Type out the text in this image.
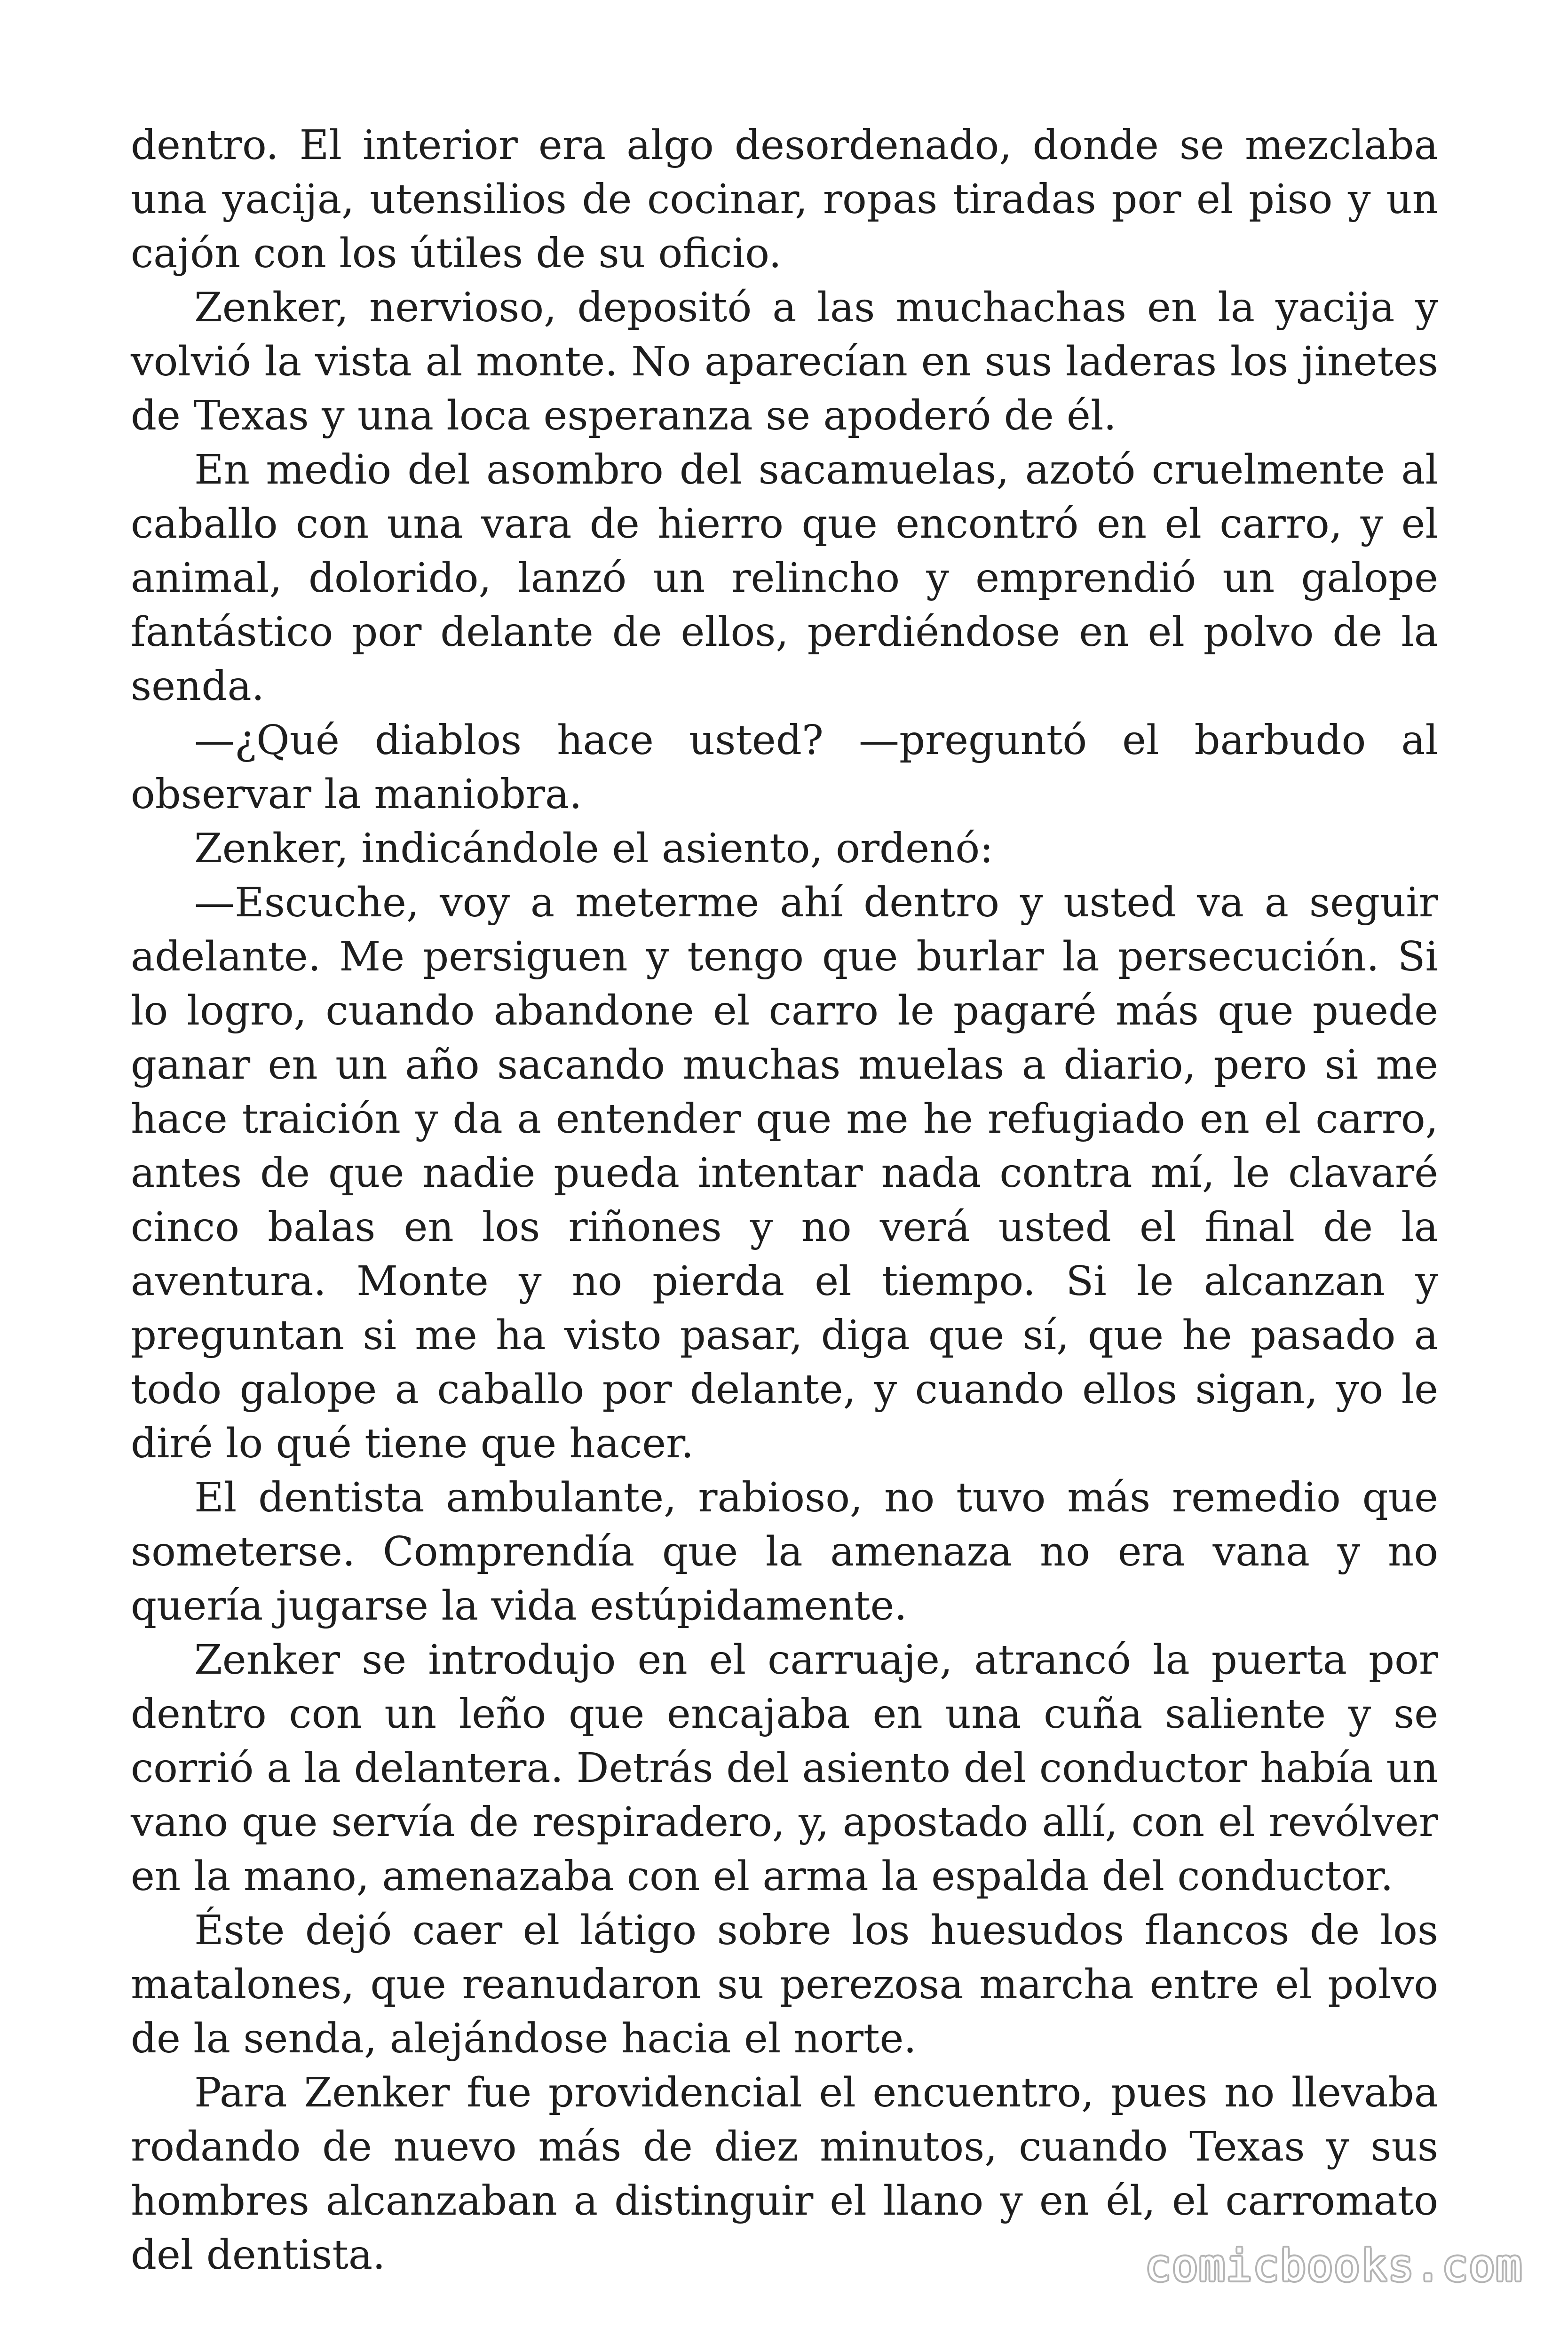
dentro. El interior era algo desordenado, donde se mezclaba una yacija, utensilios de cocinar, ropas tiradas por el piso y un cajón con los útiles de su oficio.

Zenker, nervioso, depositó a las muchachas en la yacija y volvió la vista al monte. No aparecían en sus laderas los jinetes de Texas y una loca esperanza se apoderó de él.

En medio del asombro del sacamuelas, azotó cruelmente al caballo con una vara de hierro que encontró en el carro, y el animal, dolorido, lanzó un relincho y emprendió un galope fantástico por delante de ellos, perdiéndose en el polvo de la senda.

—¿Qué diablos hace usted? —preguntó el barbudo al observar la maniobra.

Zenker, indicándole el asiento, ordenó:

—Escuche, voy a meterme ahí dentro y usted va a seguir adelante. Me persiguen y tengo que burlar la persecución. Si lo logro, cuando abandone el carro le pagaré más que puede ganar en un año sacando muchas muelas a diario, pero si me hace traición y da a entender que me he refugiado en el carro, antes de que nadie pueda intentar nada contra mí, le clavaré cinco balas en los riñones y no verá usted el final de la aventura. Monte y no pierda el tiempo. Si le alcanzan y preguntan si me ha visto pasar, diga que sí, que he pasado a todo galope a caballo por delante, y cuando ellos sigan, yo le diré lo qué tiene que hacer.

El dentista ambulante, rabioso, no tuvo más remedio que someterse. Comprendía que la amenaza no era vana y no quería jugarse la vida estúpidamente.

Zenker se introdujo en el carruaje, atrancó la puerta por dentro con un leño que encajaba en una cuña saliente y se corrió a la delantera. Detrás del asiento del conductor había un vano que servía de respiradero, y, apostado allí, con el revólver en la mano, amenazaba con el arma la espalda del conductor.

Éste dejó caer el látigo sobre los huesudos flancos de los matalones, que reanudaron su perezosa marcha entre el polvo de la senda, alejándose hacia el norte.

Para Zenker fue providencial el encuentro, pues no llevaba rodando de nuevo más de diez minutos, cuando Texas y sus hombres alcanzaban a distinguir el llano y en él, el carromato del dentista.	comicbooks.com
